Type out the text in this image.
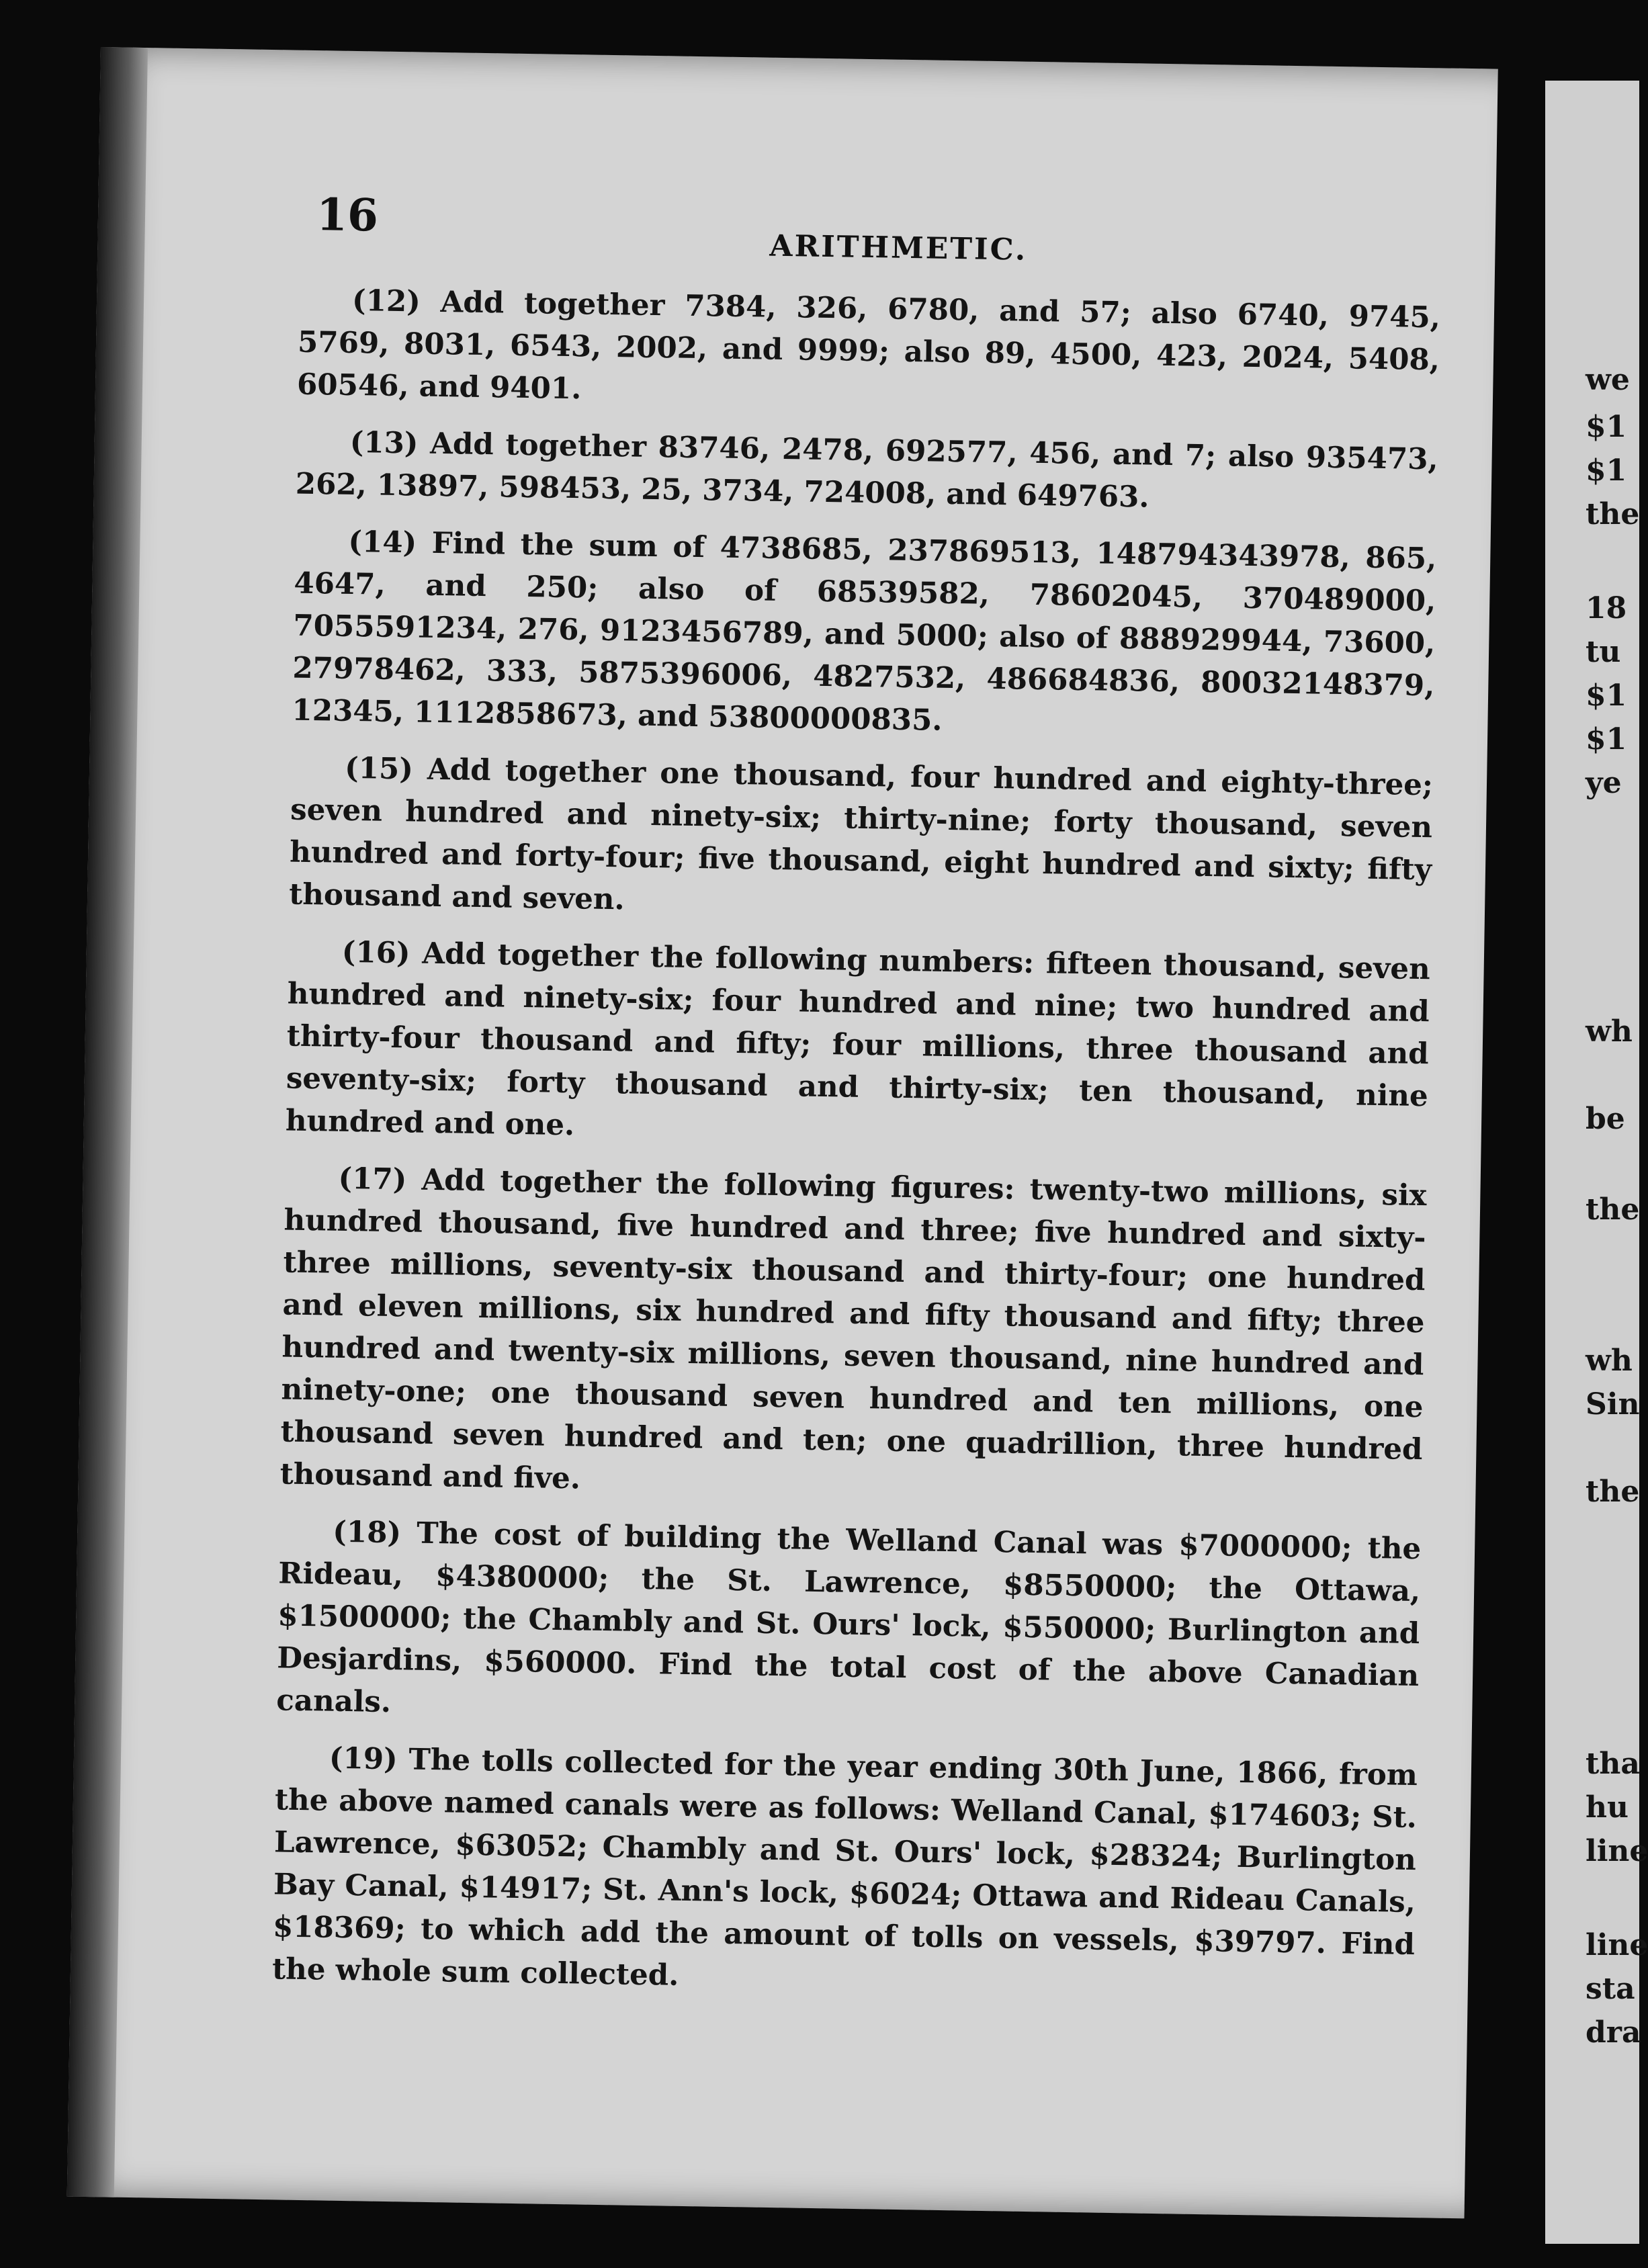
16
ARITHMETIC.

(12) Add together 7384, 326, 6780, and 57; also 6740, 9745, 5769, 8031, 6543, 2002, and 9999; also 89, 4500, 423, 2024, 5408, 60546, and 9401.

(13) Add together 83746, 2478, 692577, 456, and 7; also 935473, 262, 13897, 598453, 25, 3734, 724008, and 649763.

(14) Find the sum of 4738685, 237869513, 148794343978, 865, 4647, and 250; also of 68539582, 78602045, 370489000, 7055591234, 276, 9123456789, and 5000; also of 888929944, 73600, 27978462, 333, 5875396006, 4827532, 486684836, 80032148379, 12345, 1112858673, and 53800000835.

(15) Add together one thousand, four hundred and eighty-three; seven hundred and ninety-six; thirty-nine; forty thousand, seven hundred and forty-four; five thousand, eight hundred and sixty; fifty thousand and seven.

(16) Add together the following numbers: fifteen thousand, seven hundred and ninety-six; four hundred and nine; two hundred and thirty-four thousand and fifty; four millions, three thousand and seventy-six; forty thousand and thirty-six; ten thousand, nine hundred and one.

(17) Add together the following figures: twenty-two millions, six hundred thousand, five hundred and three; five hundred and sixty-three millions, seventy-six thousand and thirty-four; one hundred and eleven millions, six hundred and fifty thousand and fifty; three hundred and twenty-six millions, seven thousand, nine hundred and ninety-one; one thousand seven hundred and ten millions, one thousand seven hundred and ten; one quadrillion, three hundred thousand and five.

(18) The cost of building the Welland Canal was $7000000; the Rideau, $4380000; the St. Lawrence, $8550000; the Ottawa, $1500000; the Chambly and St. Ours' lock, $550000; Burlington and Desjardins, $560000. Find the total cost of the above Canadian canals.

(19) The tolls collected for the year ending 30th June, 1866, from the above named canals were as follows: Welland Canal, $174603; St. Lawrence, $63052; Chambly and St. Ours' lock, $28324; Burlington Bay Canal, $14917; St. Ann's lock, $6024; Ottawa and Rideau Canals, $18369; to which add the amount of tolls on vessels, $39797. Find the whole sum collected.

we
$1
$1
the
18
tu
$1
$1
ye
wh
be
the
wh
Sin
the
tha
hu
line
line
sta
dra
